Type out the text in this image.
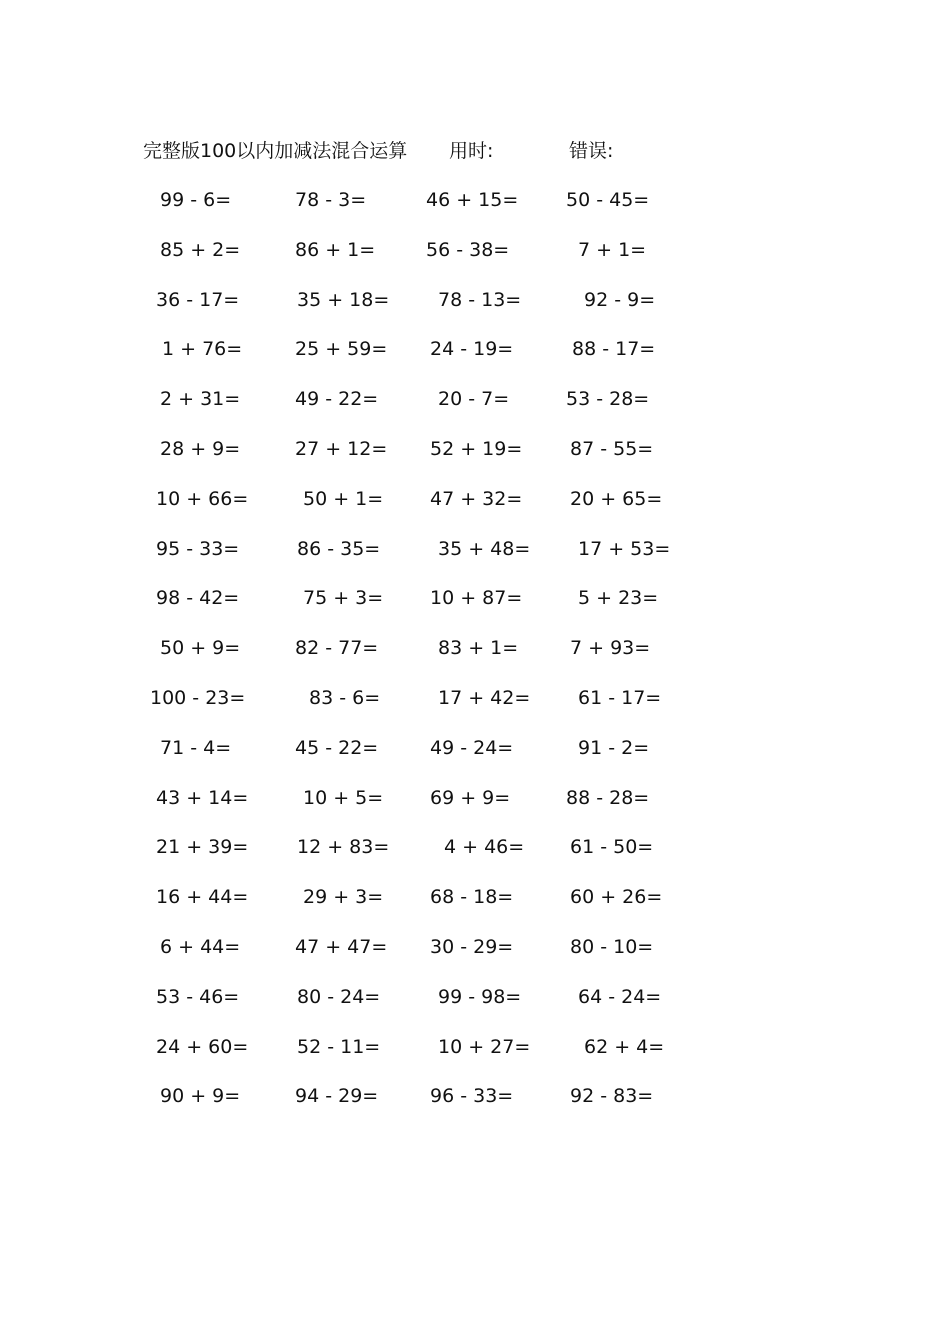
完整版100以内加减法混合运算 用时:	错误:
99 - 6=	78 - 3=	46 + 15=	50 - 45=
85 + 2=	86 + 1=	56 - 38=	7 + 1=
36 - 17=	35 + 18=	78 - 13=	92 - 9=
1 + 76=	25 + 59= 24 - 19=	88 - 17=
2 + 31=	49 - 22=	20 - 7=	53 - 28=
28 + 9=	27 + 12= 52 + 19=	87 - 55=
10 + 66=	50 + 1= 47 + 32=	20 + 65=
95 - 33=	86 - 35=	35 + 48=	17 + 53=
98 - 42=	75 + 3= 10 + 87=	5 + 23=
50 + 9=	82 - 77=	83 + 1=	7 + 93=
100 - 23=	83 - 6=	17 + 42=	61 - 17=
71 - 4=	45 - 22=	49 - 24=	91 - 2=
43 + 14=	10 + 5= 69 + 9=	88 - 28=
21 + 39=	12 + 83=	4 + 46= 61 - 50=
16 + 44=	29 + 3= 68 - 18=	60 + 26=
6 + 44=	47 + 47= 30 - 29=	80 - 10=
53 - 46=	80 - 24=	99 - 98=	64 - 24=
24 + 60=	52 - 11=	10 + 27=	62 + 4=
90 + 9=	94 - 29=	96 - 33=	92 - 83=
